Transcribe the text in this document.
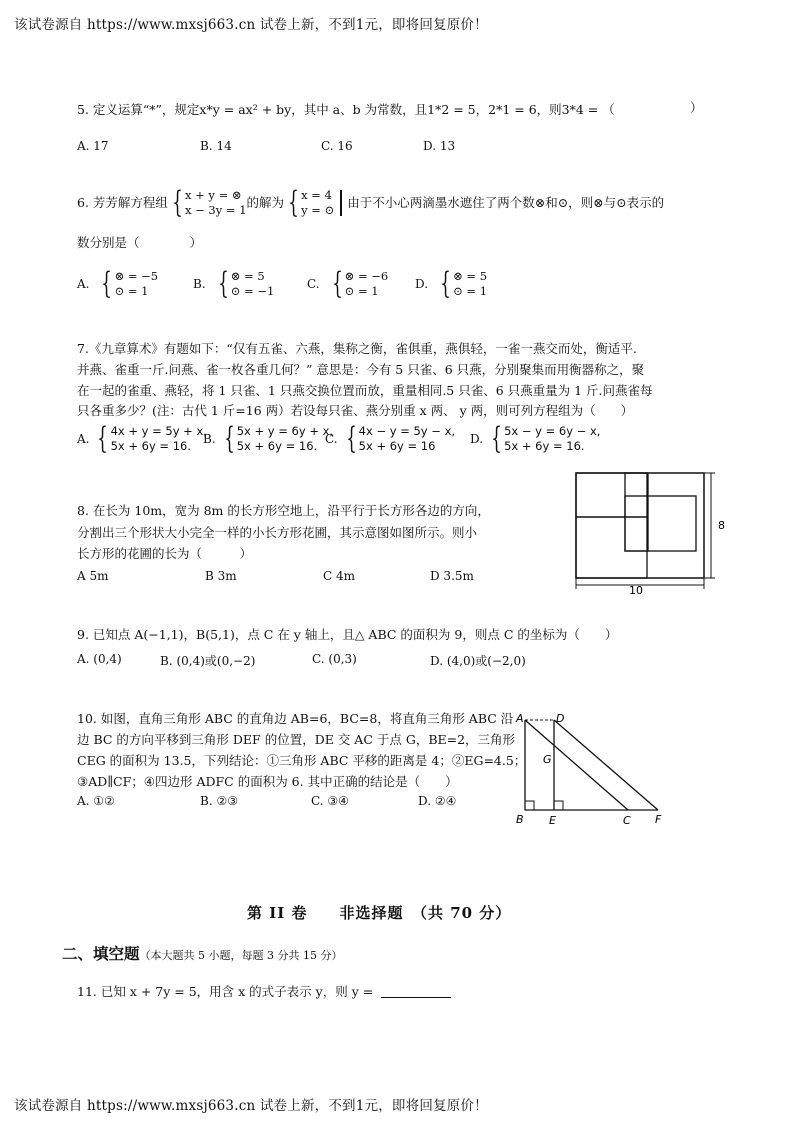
该试卷源自 https://www.mxsj663.cn 试卷上新，不到1元，即将回复原价！
5. 定义运算“*”，规定x*y = ax² + by，其中 a、b 为常数，且1*2 = 5，2*1 = 6，则3*4 = （	）
A. 17	B. 14	C. 16	D. 13
6. 芳芳解方程组 { x + y = ⊗
x − 3y = 1
的解为 { x = 4
y = ⊙
由于不小心两滴墨水遮住了两个数⊗和⊙，则⊗与⊙表示的
数分别是（　　　　）
A. { ⊗ = −5
⊙ = 1	B. { ⊗ = 5
⊙ = −1	C. { ⊗ = −6
⊙ = 1	D. { ⊗ = 5
⊙ = 1
7.《九章算术》有题如下：“仅有五雀、六燕，集称之衡，雀俱重，燕俱轻，一雀一燕交而处，衡适平.
并燕、雀重一斤.问燕、雀一枚各重几何？” 意思是：今有 5 只雀、6 只燕，分别聚集而用衡器称之，聚
在一起的雀重、燕轻，将 1 只雀、1 只燕交换位置而放，重量相同.5 只雀、6 只燕重量为 1 斤.问燕雀每
只各重多少？(注：古代 1 斤=16 两）若设每只雀、燕分别重 x 两、 y 两，则可列方程组为（　　）
A. { 4x + y = 5y + x,
5x + 6y = 16. B. { 5x + y = 6y + x,
5x + 6y = 16. C. { 4x − y = 5y − x,
5x + 6y = 16	D. { 5x − y = 6y − x,
5x + 6y = 16.
8. 在长为 10m，宽为 8m 的长方形空地上，沿平行于长方形各边的方向，
分割出三个形状大小完全一样的小长方形花圃，其示意图如图所示。则小
长方形的花圃的长为（　　　）
A 5m	B 3m	C 4m	D 3.5m
10
8
9. 已知点 A(−1,1)，B(5,1)，点 C 在 y 轴上，且△ ABC 的面积为 9，则点 C 的坐标为（　　）
A. (0,4)	B. (0,4)或(0,−2)	C. (0,3)	D. (4,0)或(−2,0)
10. 如图，直角三角形 ABC 的直角边 AB=6，BC=8，将直角三角形 ABC 沿
边 BC 的方向平移到三角形 DEF 的位置，DE 交 AC 于点 G，BE=2，三角形
CEG 的面积为 13.5，下列结论：①三角形 ABC 平移的距离是 4；②EG=4.5；
③AD∥CF；④四边形 ADFC 的面积为 6. 其中正确的结论是（　　）
A. ①②	B. ②③	C. ③④	D. ②④
A	D
G
B E	C F
第 II 卷　　非选择题　（共 70 分）
二、填空题 （本大题共 5 小题，每题 3 分共 15 分）
11. 已知 x + 7y = 5，用含 x 的式子表示 y，则 y =
该试卷源自 https://www.mxsj663.cn 试卷上新，不到1元，即将回复原价！
